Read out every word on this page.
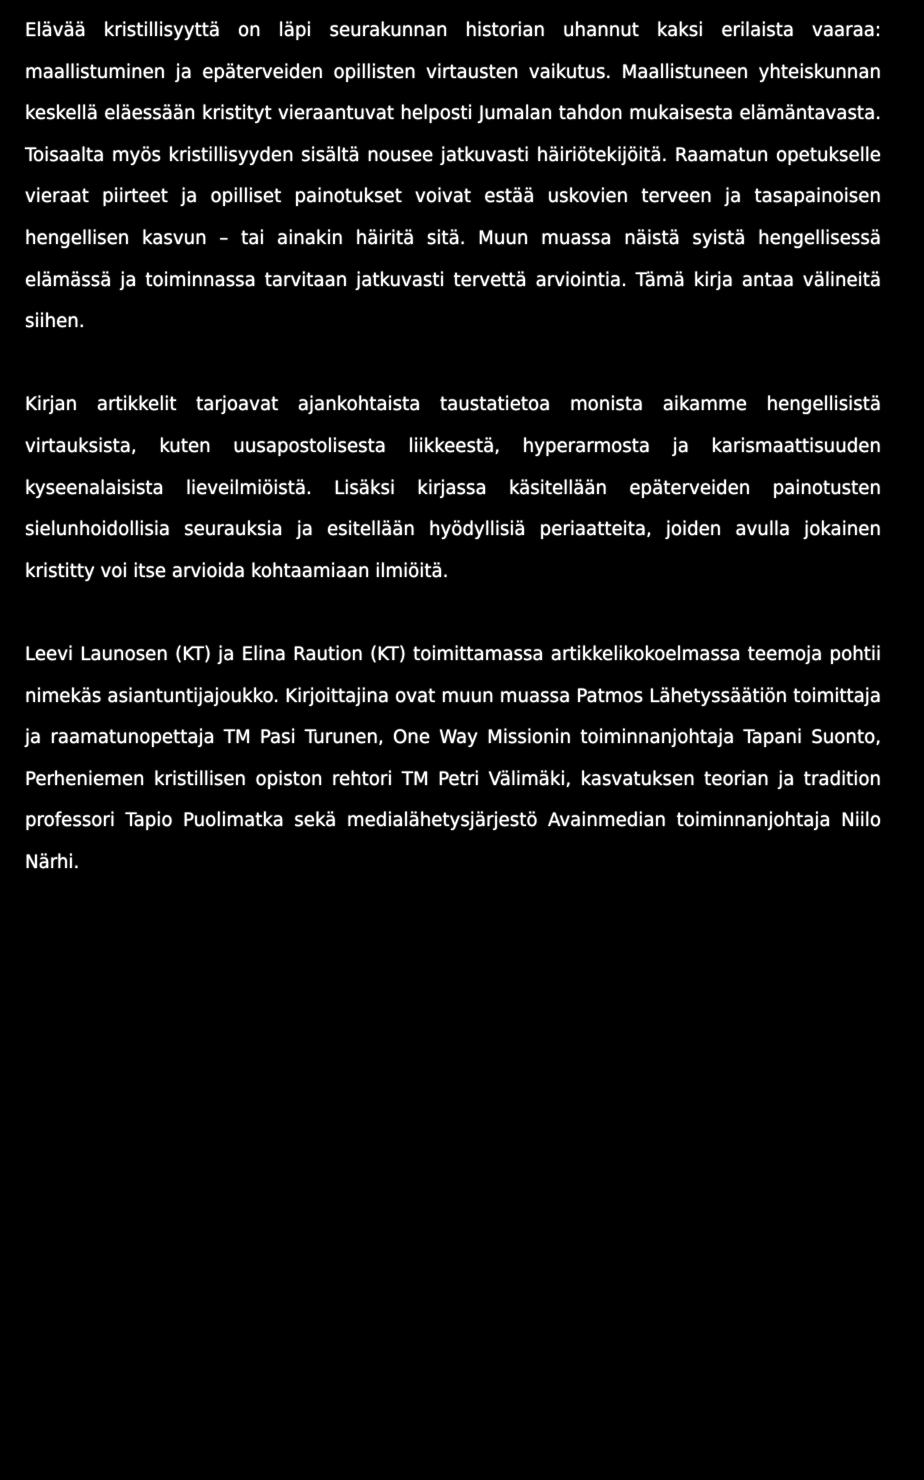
Elävää kristillisyyttä on läpi seurakunnan historian uhannut kaksi erilaista vaaraa: maallistuminen ja epäterveiden opillisten virtausten vaikutus. Maallistuneen yhteiskunnan keskellä eläessään kristityt vieraantuvat helposti Jumalan tahdon mukaisesta elämäntavasta. Toisaalta myös kristillisyyden sisältä nousee jatkuvasti häiriötekijöitä. Raamatun opetukselle vieraat piirteet ja opilliset painotukset voivat estää uskovien terveen ja tasapainoisen hengellisen kasvun – tai ainakin häiritä sitä. Muun muassa näistä syistä hengellisessä elämässä ja toiminnassa tarvitaan jatkuvasti tervettä arviointia. Tämä kirja antaa välineitä siihen.

Kirjan artikkelit tarjoavat ajankohtaista taustatietoa monista aikamme hengellisistä virtauksista, kuten uusapostolisesta liikkeestä, hyperarmosta ja karismaattisuuden kyseenalaisista lieveilmiöistä. Lisäksi kirjassa käsitellään epäterveiden painotusten sielunhoidollisia seurauksia ja esitellään hyödyllisiä periaatteita, joiden avulla jokainen kristitty voi itse arvioida kohtaamiaan ilmiöitä.

Leevi Launosen (KT) ja Elina Raution (KT) toimittamassa artikkelikokoelmassa teemoja pohtii nimekäs asiantuntijajoukko. Kirjoittajina ovat muun muassa Patmos Lähetyssäätiön toimittaja ja raamatunopettaja TM Pasi Turunen, One Way Missionin toiminnanjohtaja Tapani Suonto, Perheniemen kristillisen opiston rehtori TM Petri Välimäki, kasvatuksen teorian ja tradition professori Tapio Puolimatka sekä medialähetysjärjestö Avainmedian toiminnanjohtaja Niilo Närhi.
